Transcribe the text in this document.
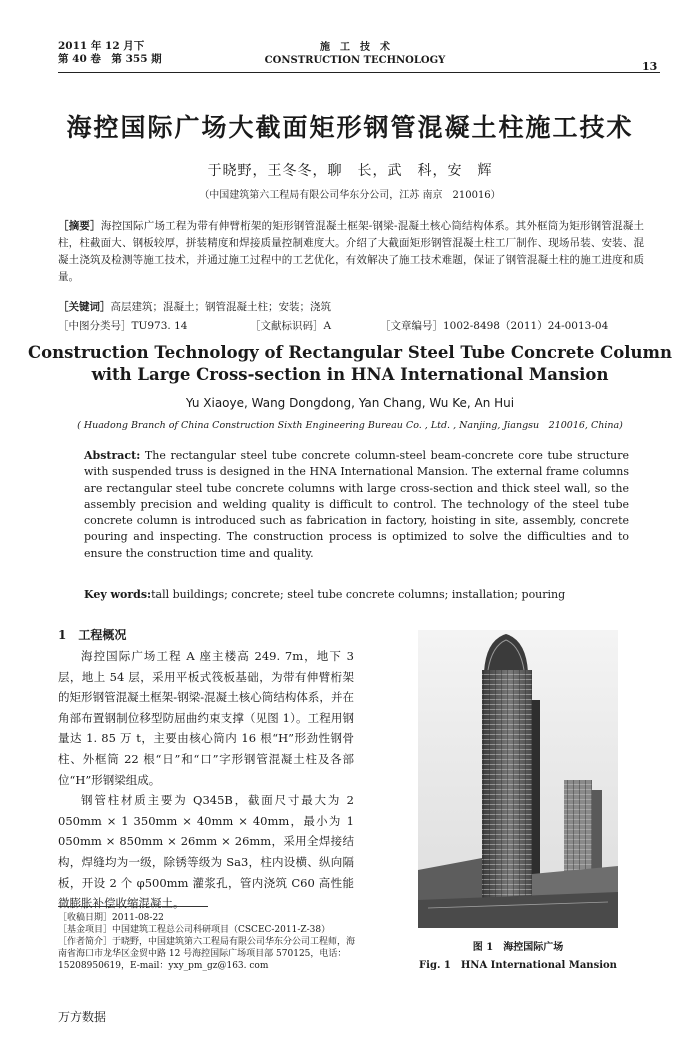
2011 年 12 月下
第 40 卷　第 355 期
施　工　技　术
CONSTRUCTION TECHNOLOGY	13
海控国际广场大截面矩形钢管混凝土柱施工技术
于晓野，王冬冬，聊　长，武　科，安　辉
（中国建筑第六工程局有限公司华东分公司，江苏 南京　210016）
［摘要］海控国际广场工程为带有伸臂桁架的矩形钢管混凝土框架-钢梁-混凝土核心筒结构体系。其外框筒为矩形钢管混凝土柱，柱截面大、钢板较厚，拼装精度和焊接质量控制难度大。介绍了大截面矩形钢管混凝土柱工厂制作、现场吊装、安装、混凝土浇筑及检测等施工技术，并通过施工过程中的工艺优化，有效解决了施工技术难题，保证了钢管混凝土柱的施工进度和质量。
［关键词］高层建筑；混凝土；钢管混凝土柱；安装；浇筑
［中图分类号］TU973. 14	［文献标识码］A	［文章编号］1002-8498（2011）24-0013-04
Construction Technology of Rectangular Steel Tube Concrete Column
with Large Cross-section in HNA International Mansion
Yu Xiaoye, Wang Dongdong, Yan Chang, Wu Ke, An Hui
( Huadong Branch of China Construction Sixth Engineering Bureau Co. , Ltd. , Nanjing, Jiangsu　210016, China)
Abstract: The rectangular steel tube concrete column-steel beam-concrete core tube structure with suspended truss is designed in the HNA International Mansion. The external frame columns are rectangular steel tube concrete columns with large cross-section and thick steel wall, so the assembly precision and welding quality is difficult to control. The technology of the steel tube concrete column is introduced such as fabrication in factory, hoisting in site, assembly, concrete pouring and inspecting. The construction process is optimized to solve the difficulties and to ensure the construction time and quality.
Key words:tall buildings; concrete; steel tube concrete columns; installation; pouring
1　工程概况

海控国际广场工程 A 座主楼高 249. 7m，地下 3 层，地上 54 层，采用平板式筏板基础，为带有伸臂桁架的矩形钢管混凝土框架-钢梁-混凝土核心筒结构体系，并在角部布置钢制位移型防屈曲约束支撑（见图 1）。工程用钢量达 1. 85 万 t，主要由核心筒内 16 根“H”形劲性钢骨柱、外框筒 22 根“日”和“口”字形钢管混凝土柱及各部位“H”形钢梁组成。

钢管柱材质主要为 Q345B，截面尺寸最大为 2 050mm × 1 350mm × 40mm × 40mm，最小为 1 050mm × 850mm × 26mm × 26mm，采用全焊接结构，焊缝均为一级，除锈等级为 Sa3，柱内设横、纵向隔板，开设 2 个 φ500mm 灌浆孔，管内浇筑 C60 高性能微膨胀补偿收缩混凝土。

［收稿日期］2011-08-22
［基金项目］中国建筑工程总公司科研项目（CSCEC-2011-Z-38）
［作者简介］于晓野，中国建筑第六工程局有限公司华东分公司工程师，海南省海口市龙华区金贸中路 12 号海控国际广场项目部 570125，电话：15208950619，E-mail：yxy_pm_gz@163. com
图 1　海控国际广场
Fig. 1　HNA International Mansion
万方数据
